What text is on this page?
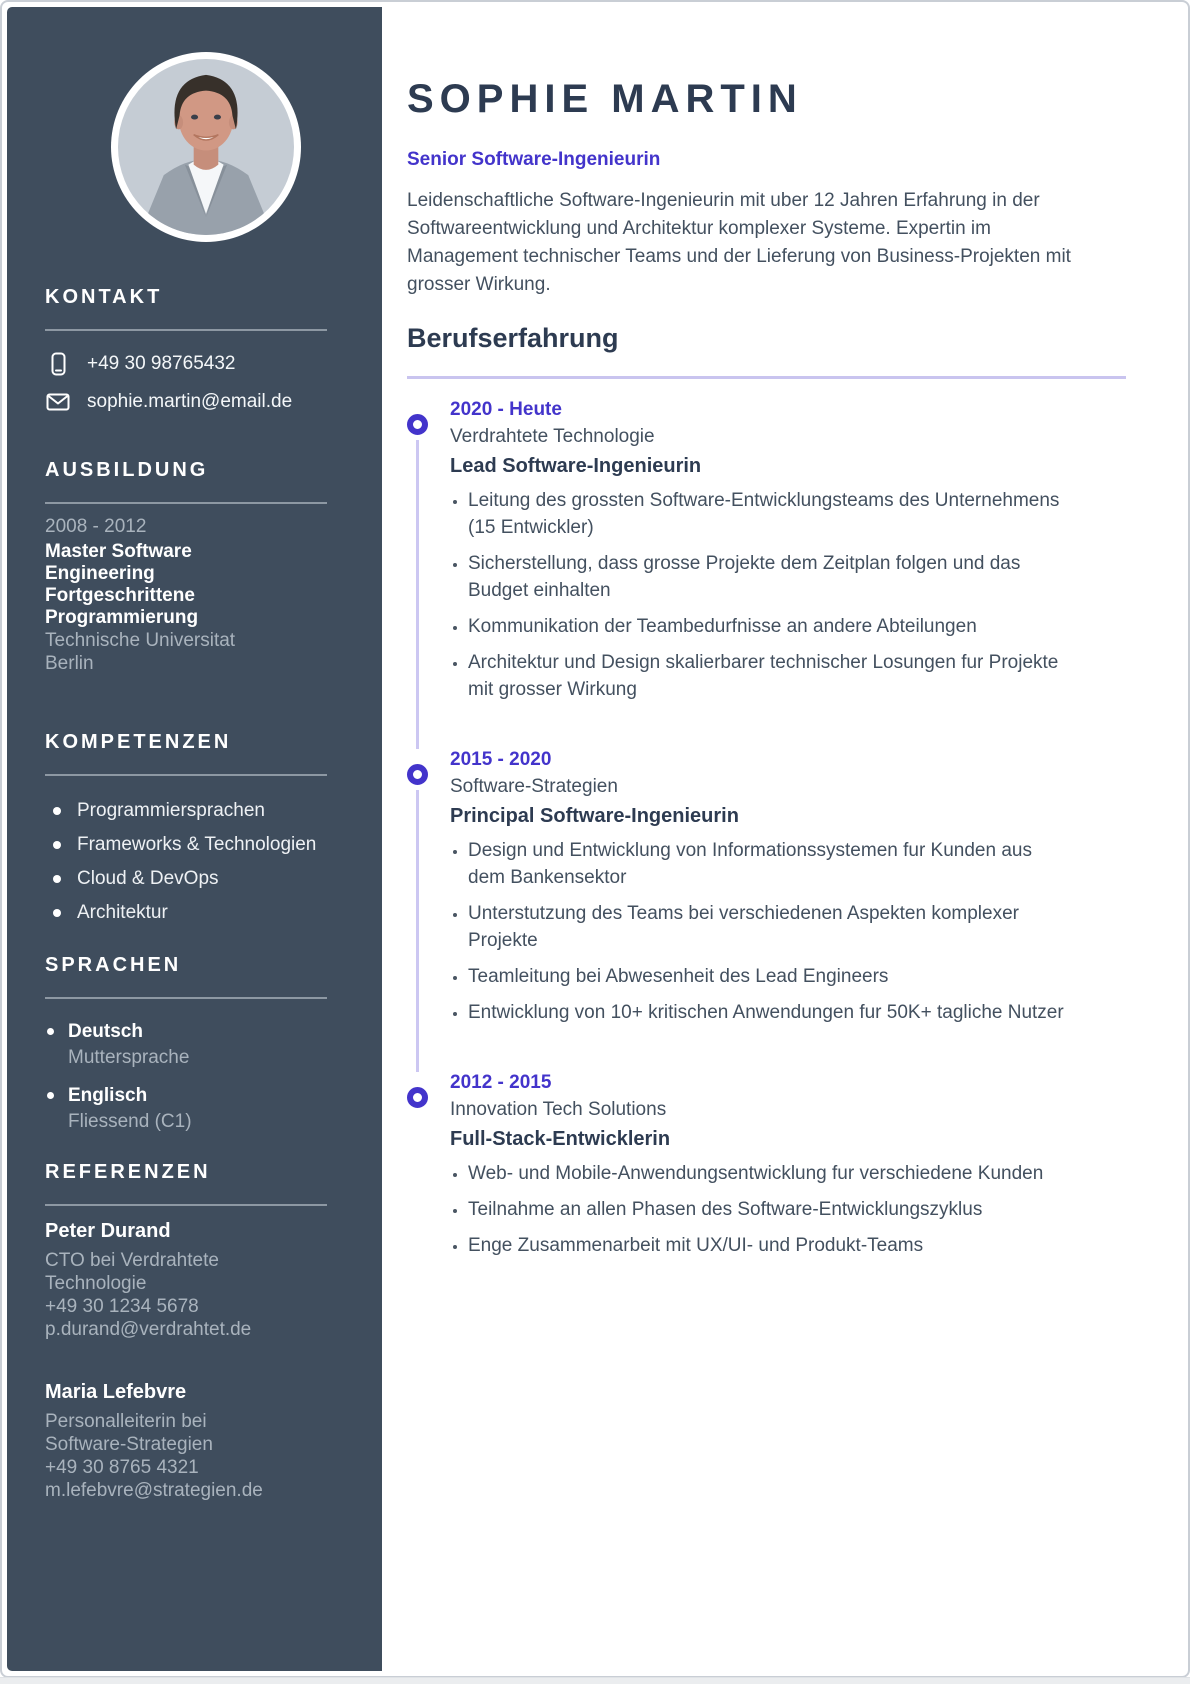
KONTAKT
+49 30 98765432
sophie.martin@email.de
AUSBILDUNG
2008 - 2012
Master Software Engineering Fortgeschrittene Programmierung
Technische Universitat Berlin
KOMPETENZEN
Programmiersprachen
Frameworks & Technologien
Cloud & DevOps
Architektur
SPRACHEN
Deutsch
Muttersprache
Englisch
Fliessend (C1)
REFERENZEN
Peter Durand
CTO bei Verdrahtete Technologie
+49 30 1234 5678
p.durand@verdrahtet.de
Maria Lefebvre
Personalleiterin bei Software-Strategien
+49 30 8765 4321
m.lefebvre@strategien.de
SOPHIE MARTIN
Senior Software-Ingenieurin

Leidenschaftliche Software-Ingenieurin mit uber 12 Jahren Erfahrung in der Softwareentwicklung und Architektur komplexer Systeme. Expertin im Management technischer Teams und der Lieferung von Business-Projekten mit grosser Wirkung.

Berufserfahrung
2020 - Heute
Verdrahtete Technologie
Lead Software-Ingenieurin
• Leitung des grossten Software-Entwicklungsteams des Unternehmens (15 Entwickler)
• Sicherstellung, dass grosse Projekte dem Zeitplan folgen und das Budget einhalten
• Kommunikation der Teambedurfnisse an andere Abteilungen
• Architektur und Design skalierbarer technischer Losungen fur Projekte mit grosser Wirkung
2015 - 2020
Software-Strategien
Principal Software-Ingenieurin
• Design und Entwicklung von Informationssystemen fur Kunden aus dem Bankensektor
• Unterstutzung des Teams bei verschiedenen Aspekten komplexer Projekte
• Teamleitung bei Abwesenheit des Lead Engineers
• Entwicklung von 10+ kritischen Anwendungen fur 50K+ tagliche Nutzer
2012 - 2015
Innovation Tech Solutions
Full-Stack-Entwicklerin
• Web- und Mobile-Anwendungsentwicklung fur verschiedene Kunden
• Teilnahme an allen Phasen des Software-Entwicklungszyklus
• Enge Zusammenarbeit mit UX/UI- und Produkt-Teams
